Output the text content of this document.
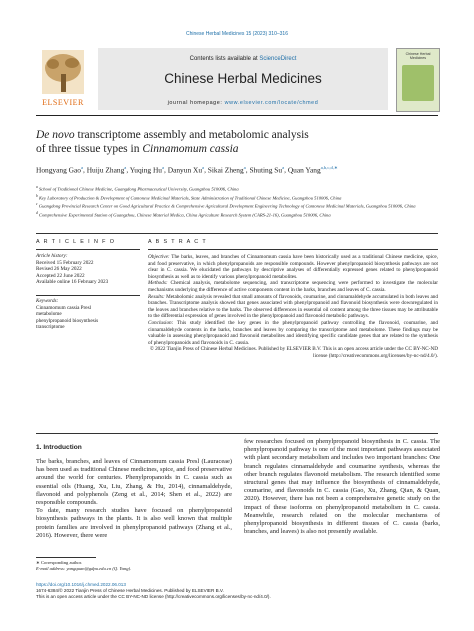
Chinese Herbal Medicines 15 (2023) 310–316
ELSEVIER
Contents lists available at ScienceDirect
Chinese Herbal Medicines
journal homepage: www.elsevier.com/locate/chmed
Chinese Herbal Medicines
De novo transcriptome assembly and metabolomic analysis
of three tissue types in Cinnamomum cassia
Hongyang Gao$^a$, Huiju Zhang$^a$, Yuqing Hu$^a$, Danyun Xu$^a$, Sikai Zheng$^a$, Shuting Su$^a$, Quan Yang$^{a,b,c,d,∗}$
$^a$ School of Traditional Chinese Medicine, Guangdong Pharmaceutical University, Guangzhou 510006, China
$^b$ Key Laboratory of Production & Development of Cantonese Medicinal Materials, State Administration of Traditional Chinese Medicine, Guangzhou 510006, China
$^c$ Guangdong Provincial Research Center on Good Agricultural Practice & Comprehensive Agricultural Development Engineering Technology of Cantonese Medicinal Materials, Guangzhou 510006, China
$^d$ Comprehensive Experimental Station of Guangzhou, Chinese Material Medica, China Agriculture Research System (CARS-21-16), Guangzhou 510006, China
A R T I C L E I N F O
Article history:
Received 15 February 2022
Revised 26 May 2022
Accepted 22 June 2022
Available online 16 February 2023
Keywords:
Cinnamomum cassia Presl
metabolome
phenylpropanoid biosynthesis
transcriptome
A B S T R A C T
Objective: The barks, leaves, and branches of Cinnamomum cassia have been historically used as a traditional Chinese medicine, spice, and food preservative, in which phenylpropanoids are responsible compounds. However phenylpropanoid biosynthesis pathways are not clear in C. cassia. We elucidated the pathways by descriptive analyses of differentially expressed genes related to phenylpropanoid biosynthesis as well as to identify various phenylpropanoid metabolites.
Methods: Chemical analysis, metabolome sequencing, and transcriptome sequencing were performed to investigate the molecular mechanisms underlying the difference of active components content in the barks, branches and leaves of C. cassia.
Results: Metabolomic analysis revealed that small amounts of flavonoids, coumarine, and cinnamaldehyde accumulated in both leaves and branches. Transcriptome analysis showed that genes associated with phenylpropanoid and flavonoid biosynthesis were downregulated in the leaves and branches relative to the barks. The observed differences in essential oil content among the three tissues may be attributable to the differential expression of genes involved in the phenylpropanoid and flavonoid metabolic pathways.
Conclusion: This study identified the key genes in the phenylpropanoid pathway controlling the flavonoid, coumarine, and cinnamaldehyde contents in the barks, branches and leaves by comparing the transcriptome and metabolome. These findings may be valuable in assessing phenylpropanoid and flavonoid metabolites and identifying specific candidate genes that are related to the synthesis of phenylpropanoids and flavonoids in C. cassia.
© 2022 Tianjin Press of Chinese Herbal Medicines. Published by ELSEVIER B.V. This is an open access article under the CC BY-NC-ND license (http://creativecommons.org/licenses/by-nc-nd/4.0/).
1. Introduction
The barks, branches, and leaves of Cinnamomum cassia Presl (Lauraceae) has been used as traditional Chinese medicines, spice, and food preservative around the world for centuries. Phenylpropanoids in C. cassia such as essential oils (Huang, Xu, Liu, Zhang, & Hu, 2014), cinnamaldehyde, flavonoid and polyphenols (Zeng et al., 2014; Shen et al., 2022) are responsible compounds.
To date, many research studies have focused on phenylpropanoid biosynthesis pathways in the plants. It is also well known that multiple protein families are involved in phenylpropanoid pathways (Zhang et al., 2016). However, there were
few researches focused on phenylpropanoid biosynthesis in C. cassia. The phenylpropanoid pathway is one of the most important pathways associated with plant secondary metabolism and includes two important branches: One branch regulates cinnamaldehyde and coumarine synthesis, whereas the other branch regulates flavonoid metabolism. The research identified some structural genes that may influence the biosynthesis of cinnamaldehyde, coumarine, and flavonoids in C. cassia (Gao, Xu, Zhang, Qian, & Quan, 2020). However, there has not been a comprehensive genetic study on the impact of these isoforms on phenylpropanoid metabolism in C. cassia. Meanwhile, research related on the molecular mechanisms of phenylpropanoid biosynthesis in different tissues of C. cassia (barks, branches, and leaves) is also not presently available.
∗ Corresponding author.
E-mail address: yangquan@gdpu.edu.cn (Q. Yang).
https://doi.org/10.1016/j.chmed.2022.06.013
1674-6384/© 2022 Tianjin Press of Chinese Herbal Medicines. Published by ELSEVIER B.V.
This is an open access article under the CC BY-NC-ND license (http://creativecommons.org/licenses/by-nc-nd/4.0/).
